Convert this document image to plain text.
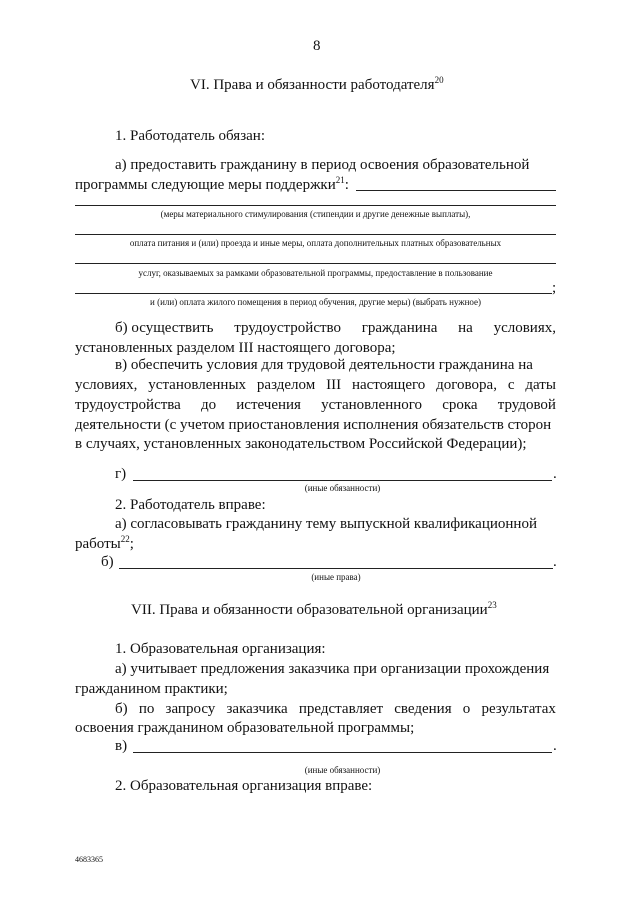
8
VI. Права и обязанности работодателя$^{20}$
1. Работодатель обязан:
а) предоставить гражданину в период освоения образовательной
программы следующие меры поддержки$^{21}$:
(меры материального стимулирования (стипендии и другие денежные выплаты),
оплата питания и (или) проезда и иные меры, оплата дополнительных платных образовательных
услуг, оказываемых за рамками образовательной программы, предоставление в пользование
;
и (или) оплата жилого помещения в период обучения, другие меры) (выбрать нужное)
б) осуществить трудоустройство гражданина на условиях,
установленных разделом III настоящего договора;
в) обеспечить условия для трудовой деятельности гражданина на
условиях, установленных разделом III настоящего договора, с даты
трудоустройства до истечения установленного срока трудовой
деятельности (с учетом приостановления исполнения обязательств сторон
в случаях, установленных законодательством Российской Федерации);
г)	.
(иные обязанности)
2. Работодатель вправе:
а) согласовывать гражданину тему выпускной квалификационной
работы$^{22}$;
б)	.
(иные права)
VII. Права и обязанности образовательной организации$^{23}$
1. Образовательная организация:
а) учитывает предложения заказчика при организации прохождения
гражданином практики;
б) по запросу заказчика представляет сведения о результатах
освоения гражданином образовательной программы;
в)	.
(иные обязанности)
2. Образовательная организация вправе:
4683365
